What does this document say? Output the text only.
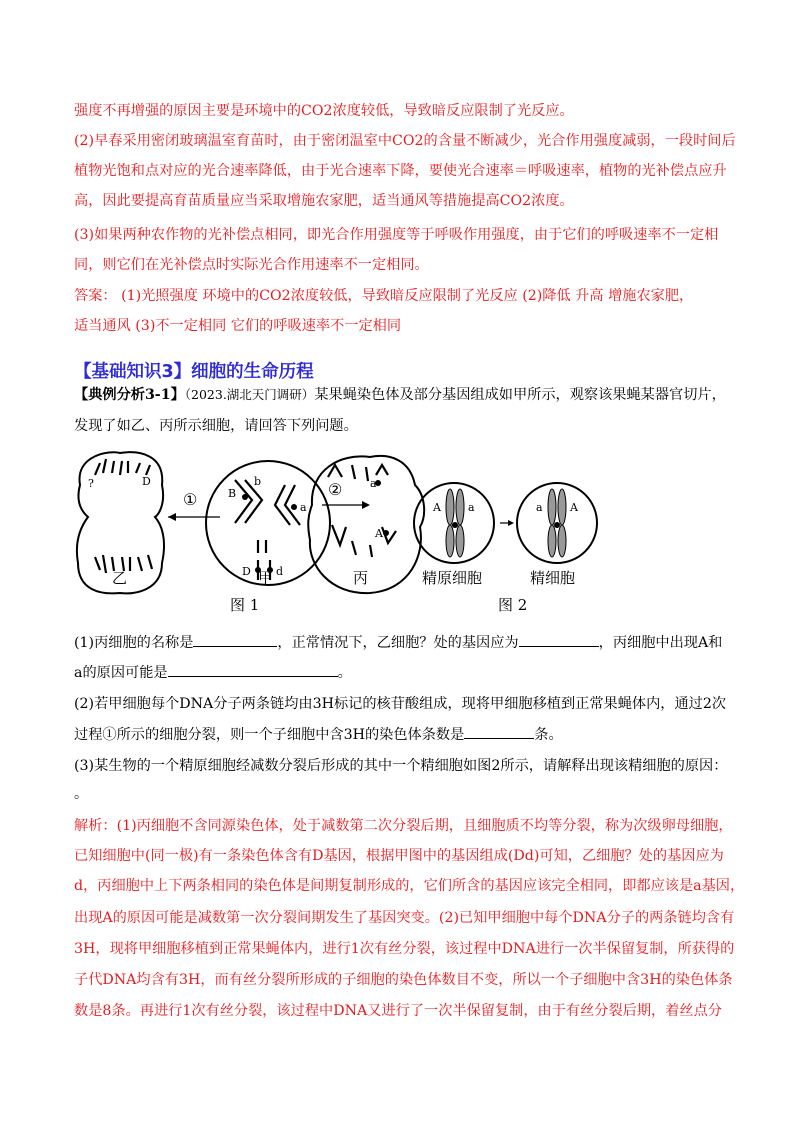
强度不再增强的原因主要是环境中的CO2浓度较低，导致暗反应限制了光反应。
(2)早春采用密闭玻璃温室育苗时，由于密闭温室中CO2的含量不断减少，光合作用强度减弱，一段时间后
植物光饱和点对应的光合速率降低，由于光合速率下降，要使光合速率＝呼吸速率，植物的光补偿点应升
高，因此要提高育苗质量应当采取增施农家肥，适当通风等措施提高CO2浓度。
(3)如果两种农作物的光补偿点相同，即光合作用强度等于呼吸作用强度，由于它们的呼吸速率不一定相
同，则它们在光补偿点时实际光合作用速率不一定相同。
答案： (1)光照强度 环境中的CO2浓度较低，导致暗反应限制了光反应 (2)降低 升高 增施农家肥，
适当通风 (3)不一定相同 它们的呼吸速率不一定相同
【基础知识3】细胞的生命历程
【典例分析3-1】（2023.湖北天门调研）某果蝇染色体及部分基因组成如甲所示，观察该果蝇某器官切片，
发现了如乙、丙所示细胞，请回答下列问题。
?	D
①	B
b
a
D d
②	a
A
A a	a A
乙	甲	丙	精原细胞	精细胞
图 1	图 2
(1)丙细胞的名称是	，正常情况下，乙细胞？处的基因应为	，丙细胞中出现A和
a的原因可能是	。
(2)若甲细胞每个DNA分子两条链均由3H标记的核苷酸组成，现将甲细胞移植到正常果蝇体内，通过2次
过程①所示的细胞分裂，则一个子细胞中含3H的染色体条数是	条。
(3)某生物的一个精原细胞经减数分裂后形成的其中一个精细胞如图2所示，请解释出现该精细胞的原因：
。
解析：(1)丙细胞不含同源染色体，处于减数第二次分裂后期，且细胞质不均等分裂，称为次级卵母细胞，
已知细胞中(同一极)有一条染色体含有D基因，根据甲图中的基因组成(Dd)可知，乙细胞？处的基因应为
d，丙细胞中上下两条相同的染色体是间期复制形成的，它们所含的基因应该完全相同，即都应该是a基因，
出现A的原因可能是减数第一次分裂间期发生了基因突变。(2)已知甲细胞中每个DNA分子的两条链均含有
3H，现将甲细胞移植到正常果蝇体内，进行1次有丝分裂，该过程中DNA进行一次半保留复制，所获得的
子代DNA均含有3H，而有丝分裂所形成的子细胞的染色体数目不变，所以一个子细胞中含3H的染色体条
数是8条。再进行1次有丝分裂，该过程中DNA又进行了一次半保留复制，由于有丝分裂后期，着丝点分
